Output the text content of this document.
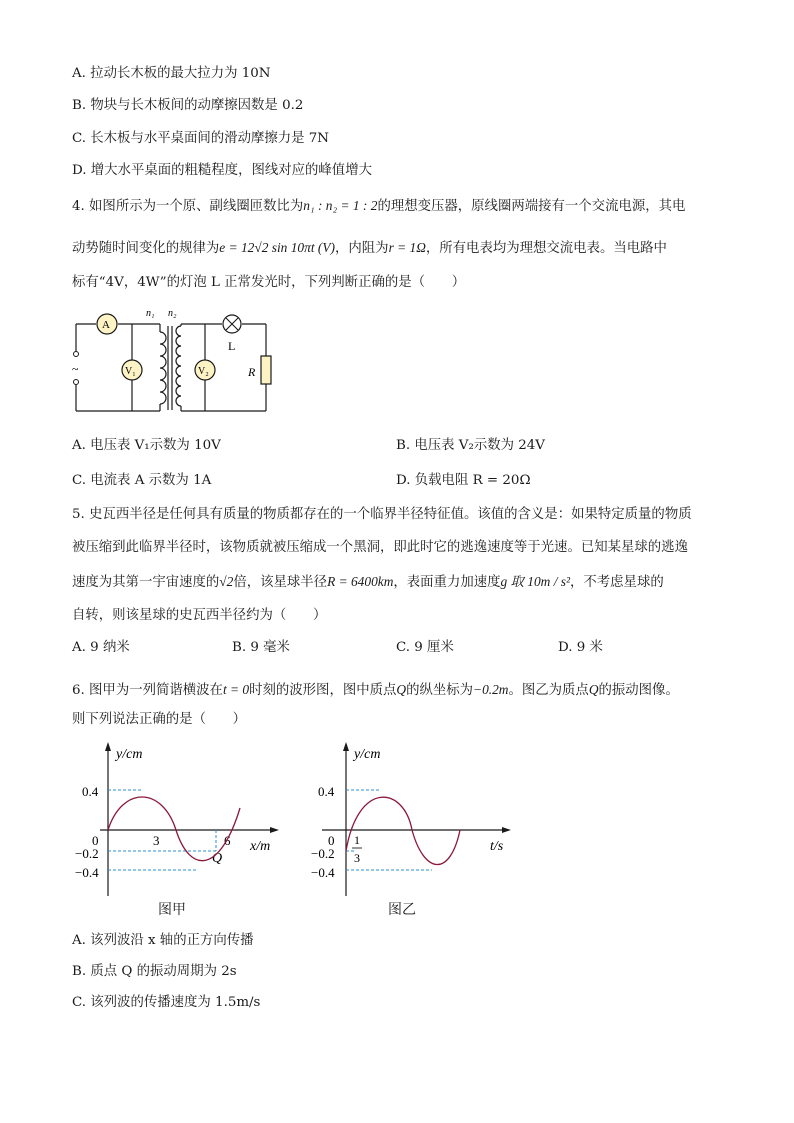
A. 拉动长木板的最大拉力为 10N
B. 物块与长木板间的动摩擦因数是 0.2
C. 长木板与水平桌面间的滑动摩擦力是 7N
D. 增大水平桌面的粗糙程度，图线对应的峰值增大
4. 如图所示为一个原、副线圈匝数比为n₁ : n₂ = 1 : 2的理想变压器，原线圈两端接有一个交流电源，其电
动势随时间变化的规律为e = 12√2 sin 10πt (V)，内阻为r = 1Ω，所有电表均为理想交流电表。当电路中
标有“4V，4W”的灯泡 L 正常发光时，下列判断正确的是（　　）
~
A
V₁	V₂
L
R
n₁ n₂
A. 电压表 V₁示数为 10V	B. 电压表 V₂示数为 24V
C. 电流表 A 示数为 1A	D. 负载电阻 R = 20Ω
5. 史瓦西半径是任何具有质量的物质都存在的一个临界半径特征值。该值的含义是：如果特定质量的物质
被压缩到此临界半径时，该物质就被压缩成一个黑洞，即此时它的逃逸速度等于光速。已知某星球的逃逸
速度为其第一宇宙速度的√2倍，该星球半径R = 6400km，表面重力加速度g 取 10m / s²，不考虑星球的
自转，则该星球的史瓦西半径约为（　　）
A. 9 纳米	B. 9 毫米	C. 9 厘米	D. 9 米
6. 图甲为一列简谐横波在t = 0时刻的波形图，图中质点Q的纵坐标为−0.2m。图乙为质点Q的振动图像。
则下列说法正确的是（　　）
y/cm
x/m
0.4
0
−0.2
−0.4
3	6
Q
图甲
y/cm
t/s
0.4
0
−0.2
−0.4
1
3
图乙
A. 该列波沿 x 轴的正方向传播
B. 质点 Q 的振动周期为 2s
C. 该列波的传播速度为 1.5m/s
